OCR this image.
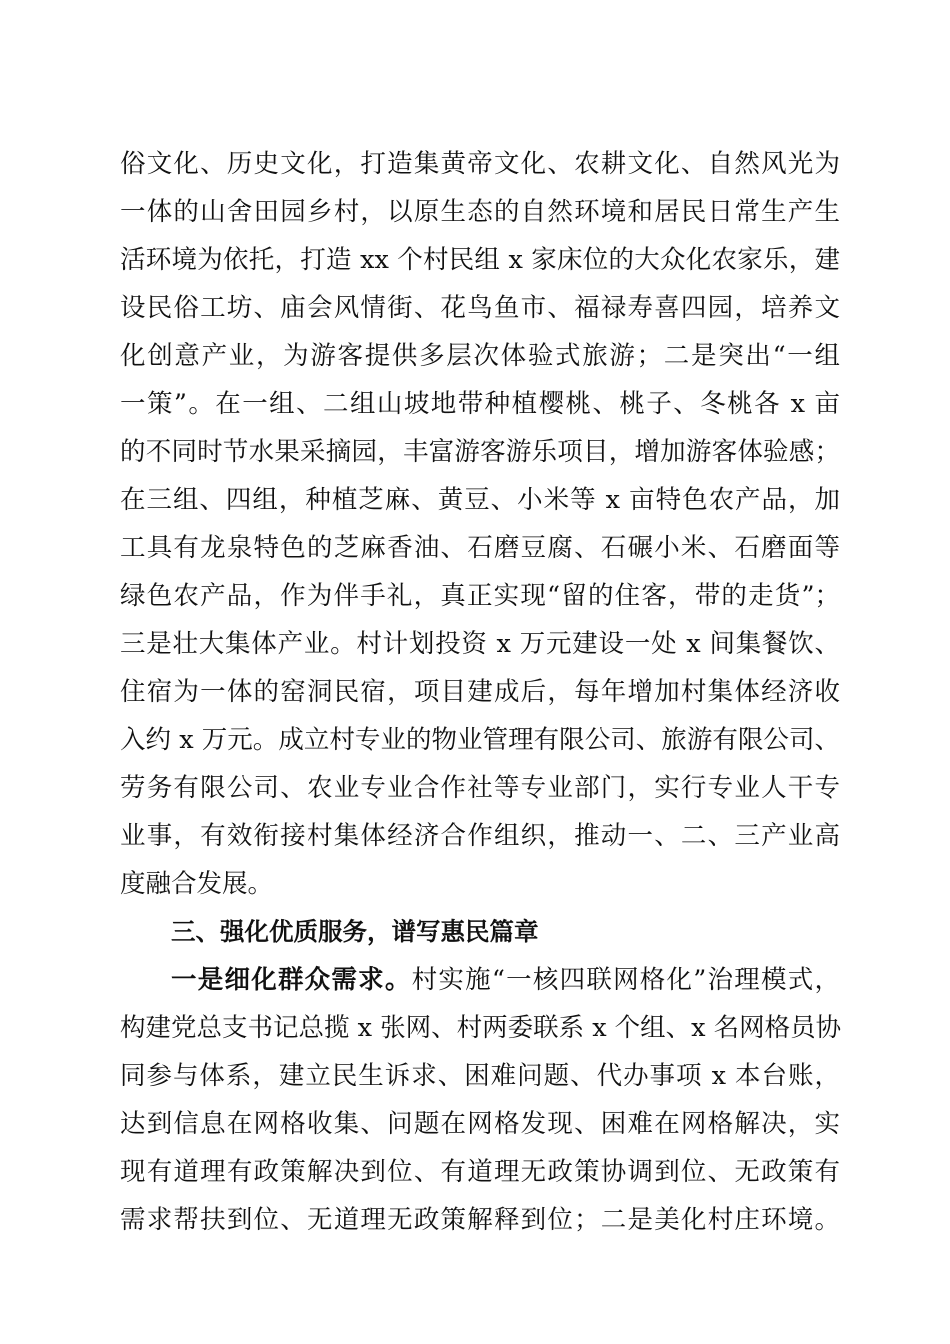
俗文化、历史文化，打造集黄帝文化、农耕文化、自然风光为
一体的山舍田园乡村，以原生态的自然环境和居民日常生产生
活环境为依托，打造 xx 个村民组 x 家床位的大众化农家乐，建
设民俗工坊、庙会风情街、花鸟鱼市、福禄寿喜四园，培养文
化创意产业，为游客提供多层次体验式旅游；二是突出“一组
一策”。在一组、二组山坡地带种植樱桃、桃子、冬桃各 x 亩
的不同时节水果采摘园，丰富游客游乐项目，增加游客体验感；
在三组、四组，种植芝麻、黄豆、小米等 x 亩特色农产品，加
工具有龙泉特色的芝麻香油、石磨豆腐、石碾小米、石磨面等
绿色农产品，作为伴手礼，真正实现“留的住客，带的走货”；
三是壮大集体产业。村计划投资 x 万元建设一处 x 间集餐饮、
住宿为一体的窑洞民宿，项目建成后，每年增加村集体经济收
入约 x 万元。成立村专业的物业管理有限公司、旅游有限公司、
劳务有限公司、农业专业合作社等专业部门，实行专业人干专
业事，有效衔接村集体经济合作组织，推动一、二、三产业高
度融合发展。
三、强化优质服务，谱写惠民篇章
一是细化群众需求。村实施“一核四联网格化”治理模式，
构建党总支书记总揽 x 张网、村两委联系 x 个组、x 名网格员协
同参与体系，建立民生诉求、困难问题、代办事项 x 本台账，
达到信息在网格收集、问题在网格发现、困难在网格解决，实
现有道理有政策解决到位、有道理无政策协调到位、无政策有
需求帮扶到位、无道理无政策解释到位；二是美化村庄环境。
